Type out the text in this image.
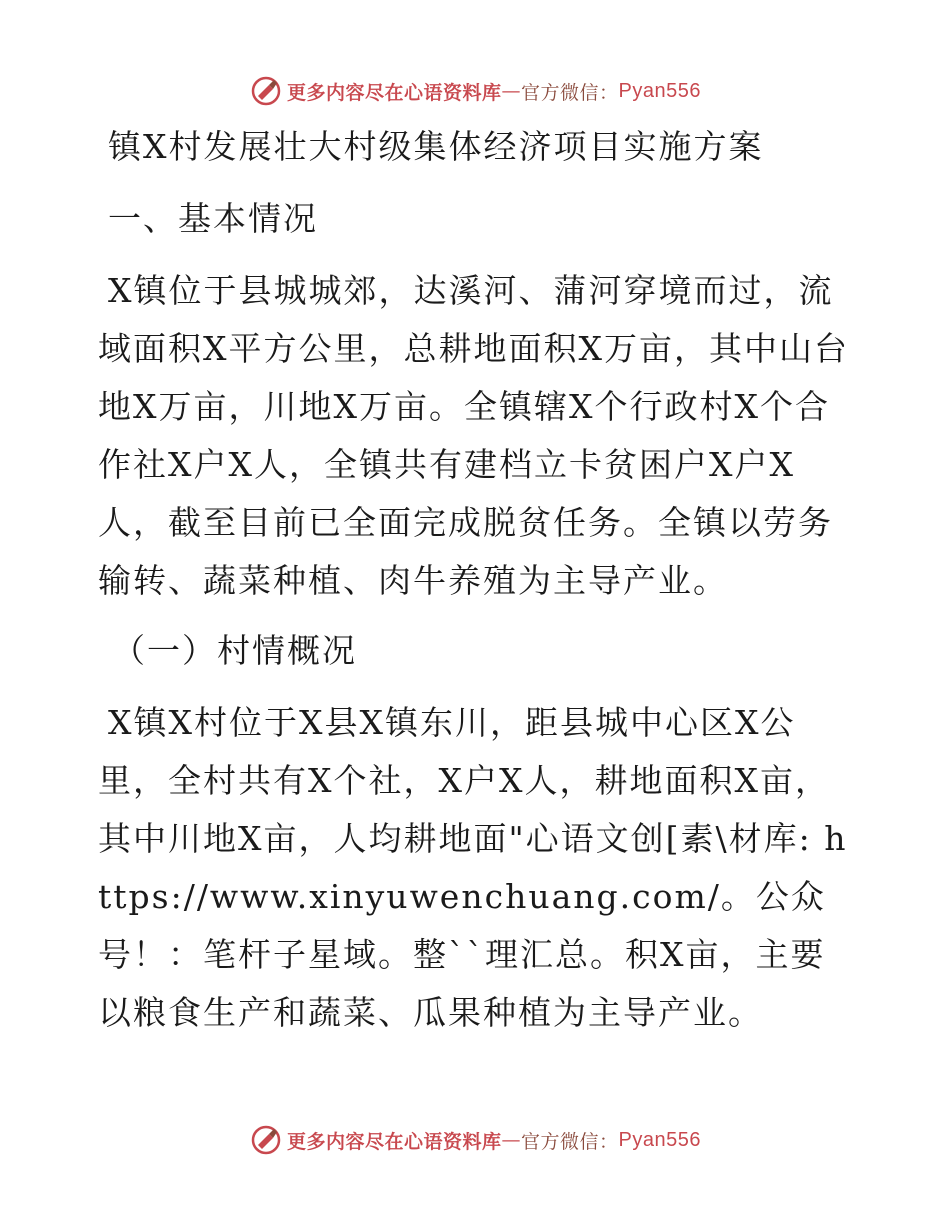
更多内容尽在心语资料库 — 官方微信： Pyan556
镇X村发展壮大村级集体经济项目实施方案
一、基本情况

X镇位于县城城郊，达溪河、蒲河穿境而过，流域面积X平方公里，总耕地面积X万亩，其中山台地X万亩，川地X万亩。全镇辖X个行政村X个合作社X户X人，全镇共有建档立卡贫困户X户X人，截至目前已全面完成脱贫任务。全镇以劳务输转、蔬菜种植、肉牛养殖为主导产业。

（一）村情概况

X镇X村位于X县X镇东川，距县城中心区X公里，全村共有X个社，X户X人，耕地面积X亩，其中川地X亩，人均耕地面"心语文创[素\材库: https://www.xinyuwenchuang.com/。公众号！：笔杆子星域。整``理汇总。积X亩，主要以粮食生产和蔬菜、瓜果种植为主导产业。

更多内容尽在心语资料库 — 官方微信： Pyan556
